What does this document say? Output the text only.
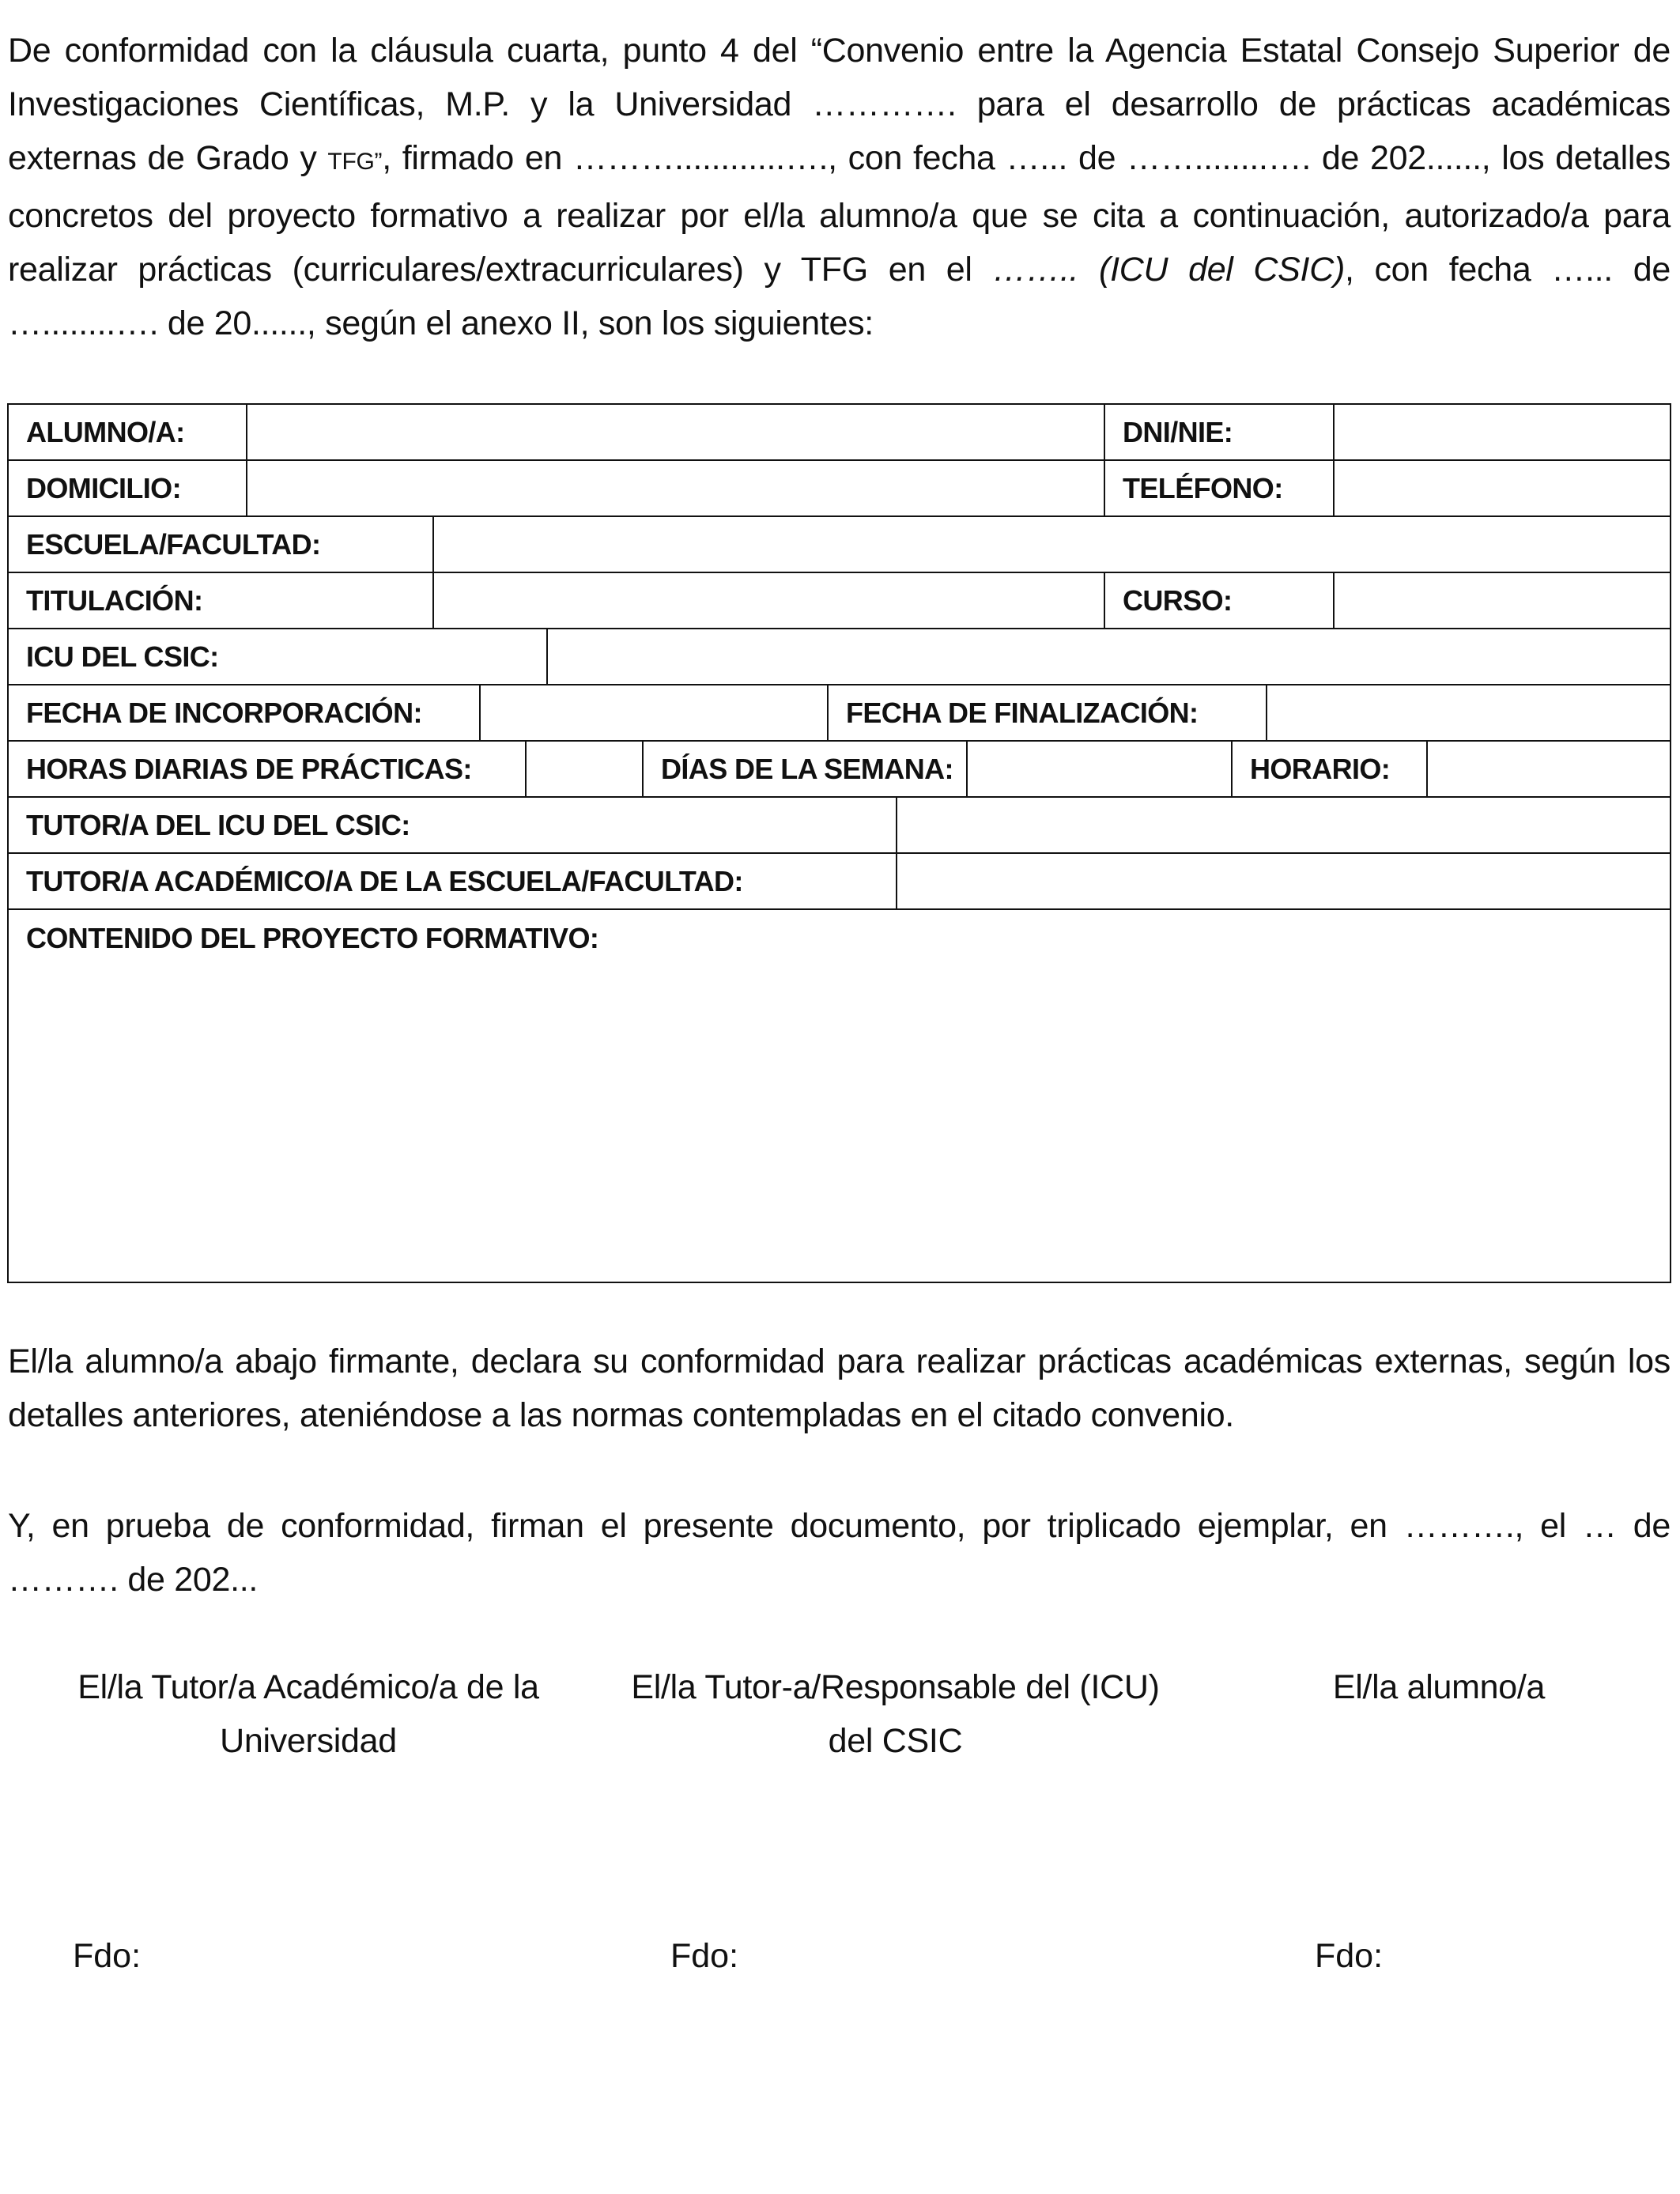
De conformidad con la cláusula cuarta, punto 4 del “Convenio entre la Agencia Estatal Consejo Superior de Investigaciones Científicas, M.P. y la Universidad …………. para el desarrollo de prácticas académicas externas de Grado y TFG”, firmado en ………............…., con fecha …... de ……........…. de 202......, los detalles concretos del proyecto formativo a realizar por el/la alumno/a que se cita a continuación, autorizado/a para realizar prácticas (curriculares/extracurriculares) y TFG en el …….. (ICU del CSIC), con fecha …... de …........…. de 20......, según el anexo II, son los siguientes:

ALUMNO/A:	DNI/NIE:
DOMICILIO:	TELÉFONO:
ESCUELA/FACULTAD:
TITULACIÓN:	CURSO:
ICU DEL CSIC:
FECHA DE INCORPORACIÓN:	FECHA DE FINALIZACIÓN:
HORAS DIARIAS DE PRÁCTICAS:	DÍAS DE LA SEMANA:	HORARIO:
TUTOR/A DEL ICU DEL CSIC:
TUTOR/A ACADÉMICO/A DE LA ESCUELA/FACULTAD:
CONTENIDO DEL PROYECTO FORMATIVO:

El/la alumno/a abajo firmante, declara su conformidad para realizar prácticas académicas externas, según los detalles anteriores, ateniéndose a las normas contempladas en el citado convenio.

Y, en prueba de conformidad, firman el presente documento, por triplicado ejemplar, en ………., el … de ………. de 202...

El/la Tutor/a Académico/a de la
Universidad
El/la Tutor-a/Responsable del (ICU)
del CSIC
El/la alumno/a
Fdo:	Fdo:	Fdo:
